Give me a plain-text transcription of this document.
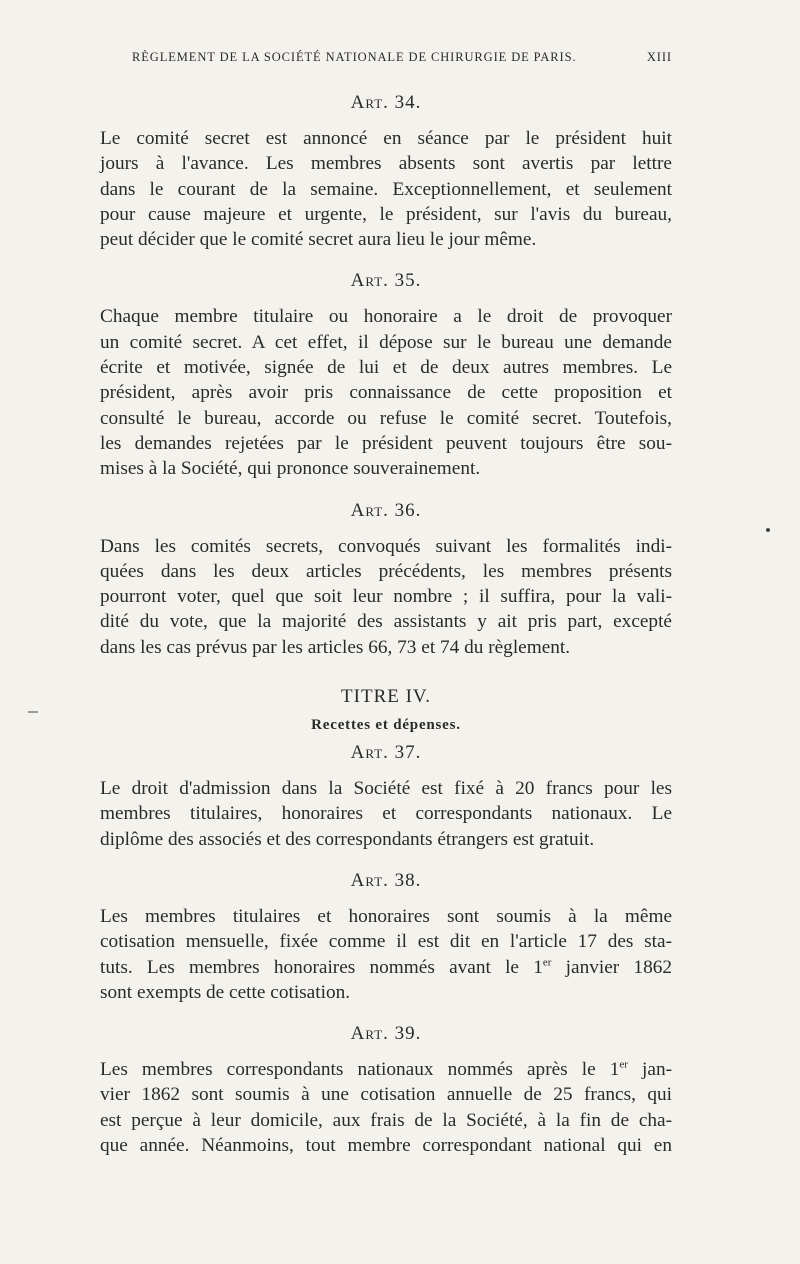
RÈGLEMENT DE LA SOCIÉTÉ NATIONALE DE CHIRURGIE DE PARIS.	XIII
Art. 34.
Le comité secret est annoncé en séance par le président huit
jours à l'avance. Les membres absents sont avertis par lettre
dans le courant de la semaine. Exceptionnellement, et seulement
pour cause majeure et urgente, le président, sur l'avis du bureau,
peut décider que le comité secret aura lieu le jour même.
Art. 35.
Chaque membre titulaire ou honoraire a le droit de provoquer
un comité secret. A cet effet, il dépose sur le bureau une demande
écrite et motivée, signée de lui et de deux autres membres. Le
président, après avoir pris connaissance de cette proposition et
consulté le bureau, accorde ou refuse le comité secret. Toutefois,
les demandes rejetées par le président peuvent toujours être sou-
mises à la Société, qui prononce souverainement.
Art. 36.
Dans les comités secrets, convoqués suivant les formalités indi-
quées dans les deux articles précédents, les membres présents
pourront voter, quel que soit leur nombre ; il suffira, pour la vali-
dité du vote, que la majorité des assistants y ait pris part, excepté
dans les cas prévus par les articles 66, 73 et 74 du règlement.
TITRE IV.
Recettes et dépenses.
Art. 37.
Le droit d'admission dans la Société est fixé à 20 francs pour les
membres titulaires, honoraires et correspondants nationaux. Le
diplôme des associés et des correspondants étrangers est gratuit.
Art. 38.
Les membres titulaires et honoraires sont soumis à la même
cotisation mensuelle, fixée comme il est dit en l'article 17 des sta-
tuts. Les membres honoraires nommés avant le 1er janvier 1862
sont exempts de cette cotisation.
Art. 39.
Les membres correspondants nationaux nommés après le 1er jan-
vier 1862 sont soumis à une cotisation annuelle de 25 francs, qui
est perçue à leur domicile, aux frais de la Société, à la fin de cha-
que année. Néanmoins, tout membre correspondant national qui en
